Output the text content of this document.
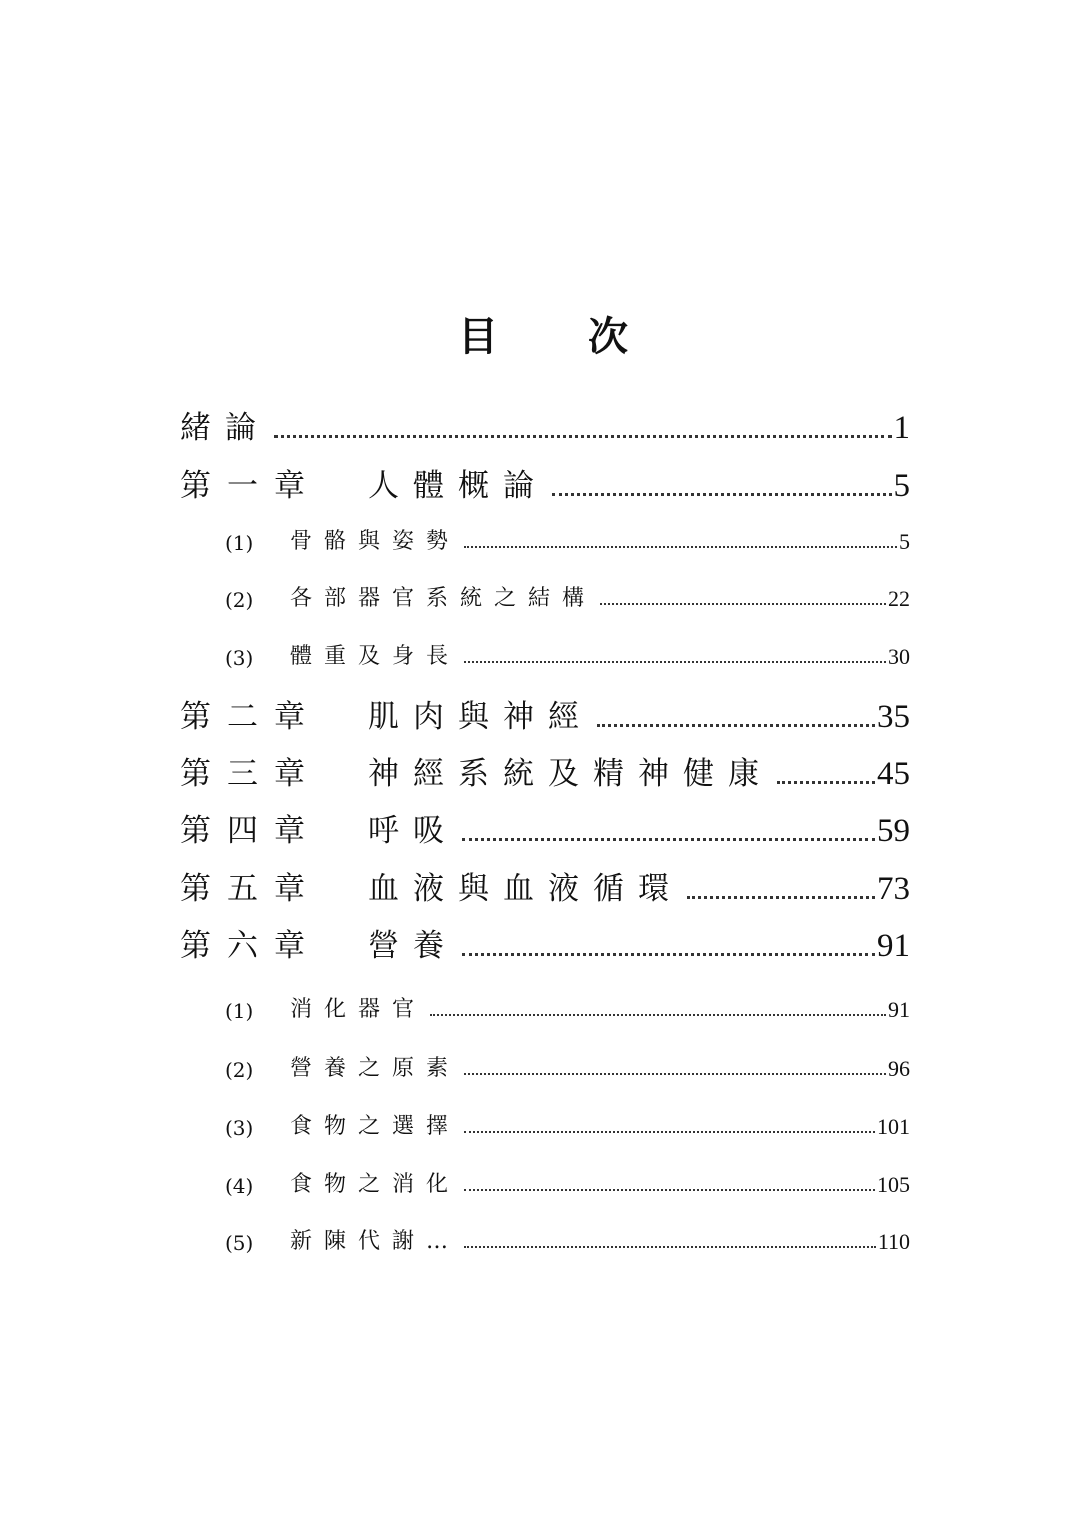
目 次
緒論	1
第一章	人體概論	5
(1)	骨骼與姿勢	5
(2)	各部器官系統之結構	22
(3)	體重及身長	30
第二章	肌肉與神經	35
第三章	神經系統及精神健康	45
第四章	呼吸	59
第五章	血液與血液循環	73
第六章	營養	91
(1)	消化器官	91
(2)	營養之原素	96
(3)	食物之選擇	101
(4)	食物之消化	105
(5)	新陳代謝…	110
